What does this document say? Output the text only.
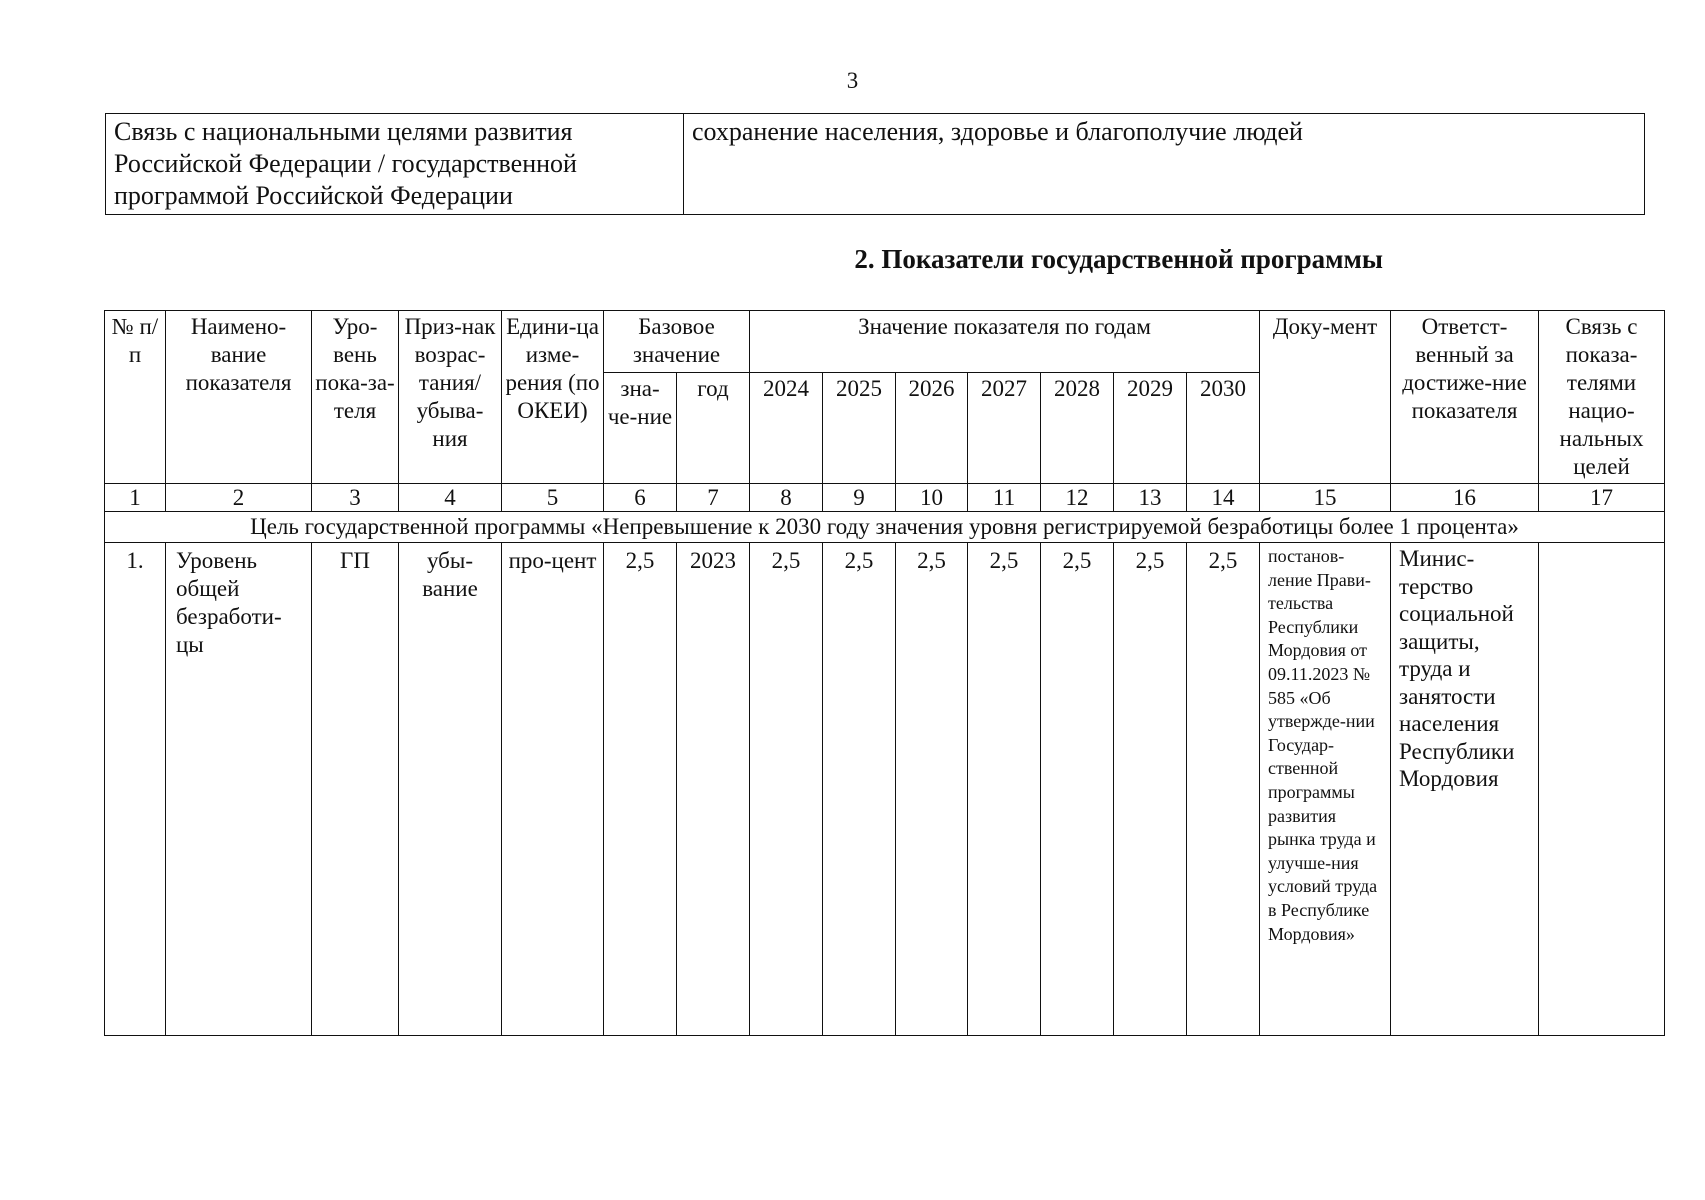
3
Связь с национальными целями развития Российской Федерации / государственной программой Российской Федерации	сохранение населения, здоровье и благополучие людей
2. Показатели государственной программы
№ п/п	Наимено-вание показателя	Уро-вень пока-за-теля	Приз-нак возрас-тания/ убыва-ния	Едини-ца изме-рения (по ОКЕИ)	Базовое значение		Значение показателя по годам							Доку-мент	Ответст-венный за достиже-ние показателя	Связь с показа-телями нацио-нальных целей
					зна-че-ние	год	2024	2025	2026	2027	2028	2029	2030			
1	2	3	4	5	6	7	8	9	10	11	12	13	14	15	16	17
Цель государственной программы «Непревышение к 2030 году значения уровня регистрируемой безработицы более 1 процента»																
1.	Уровень общей безработи-цы	ГП	убы-вание	про-цент	2,5	2023	2,5	2,5	2,5	2,5	2,5	2,5	2,5	постанов-ление Прави-тельства Республики Мордовия от 09.11.2023 № 585 «Об утвержде-нии Государ-ственной программы развития рынка труда и улучше-ния условий труда в Республике Мордовия»	Минис-терство социальной защиты, труда и занятости населения Республики Мордовия	
